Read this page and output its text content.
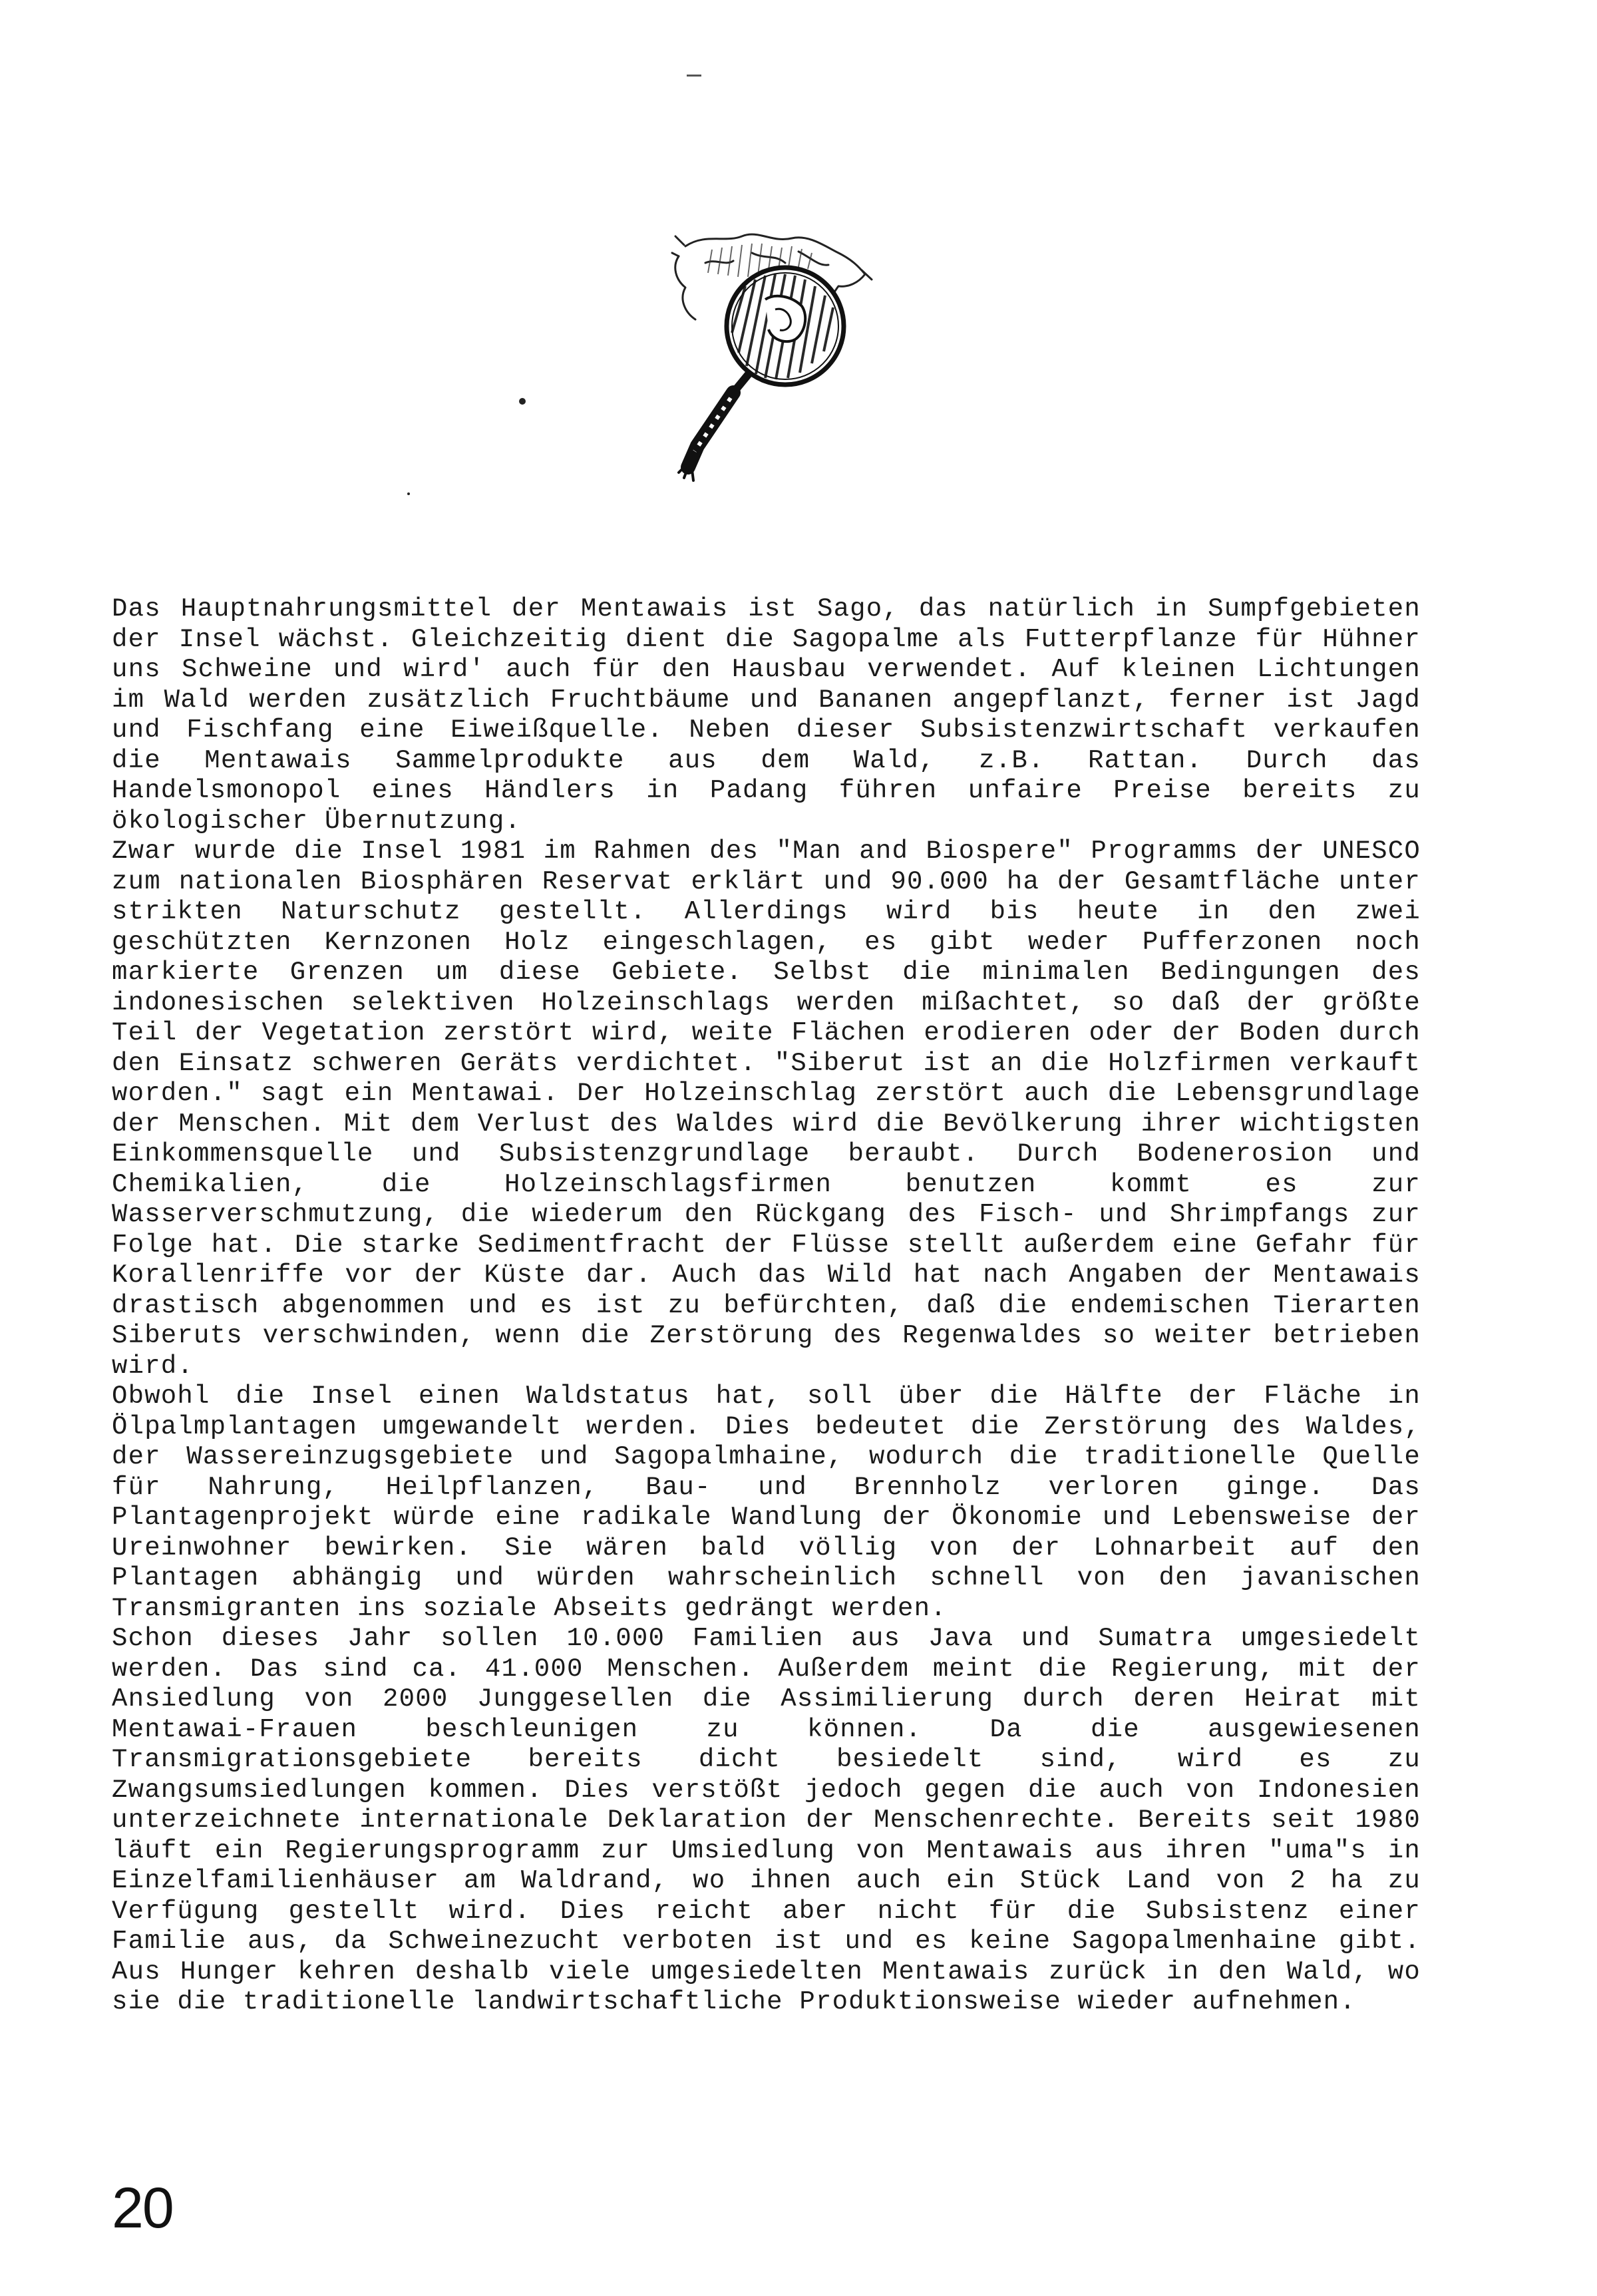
Das Hauptnahrungsmittel der Mentawais ist Sago, das natürlich in Sumpfgebieten der Insel wächst. Gleichzeitig dient die Sagopalme als Futterpflanze für Hühner uns Schweine und wird' auch für den Hausbau verwendet. Auf kleinen Lichtungen im Wald werden zusätzlich Fruchtbäume und Bananen angepflanzt, ferner ist Jagd und Fischfang eine Eiweißquelle. Neben dieser Subsistenzwirtschaft verkaufen die Mentawais Sammelprodukte aus dem Wald, z.B. Rattan. Durch das Handelsmonopol eines Händlers in Padang führen unfaire Preise bereits zu ökologischer Übernutzung.

Zwar wurde die Insel 1981 im Rahmen des "Man and Biospere" Programms der UNESCO zum nationalen Biosphären Reservat erklärt und 90.000 ha der Gesamtfläche unter strikten Naturschutz gestellt. Allerdings wird bis heute in den zwei geschützten Kernzonen Holz eingeschlagen, es gibt weder Pufferzonen noch markierte Grenzen um diese Gebiete. Selbst die minimalen Bedingungen des indonesischen selektiven Holzeinschlags werden mißachtet, so daß der größte Teil der Vegetation zerstört wird, weite Flächen erodieren oder der Boden durch den Einsatz schweren Geräts verdichtet. "Siberut ist an die Holzfirmen verkauft worden." sagt ein Mentawai. Der Holzeinschlag zerstört auch die Lebensgrundlage der Menschen. Mit dem Verlust des Waldes wird die Bevölkerung ihrer wichtigsten Einkommensquelle und Subsistenzgrundlage beraubt. Durch Bodenerosion und Chemikalien, die Holzeinschlagsfirmen benutzen kommt es zur Wasserverschmutzung, die wiederum den Rückgang des Fisch- und Shrimpfangs zur Folge hat. Die starke Sedimentfracht der Flüsse stellt außerdem eine Gefahr für Korallenriffe vor der Küste dar. Auch das Wild hat nach Angaben der Mentawais drastisch abgenommen und es ist zu befürchten, daß die endemischen Tierarten Siberuts verschwinden, wenn die Zerstörung des Regenwaldes so weiter betrieben wird.

Obwohl die Insel einen Waldstatus hat, soll über die Hälfte der Fläche in Ölpalmplantagen umgewandelt werden. Dies bedeutet die Zerstörung des Waldes, der Wassereinzugsgebiete und Sagopalmhaine, wodurch die traditionelle Quelle für Nahrung, Heilpflanzen, Bau- und Brennholz verloren ginge. Das Plantagenprojekt würde eine radikale Wandlung der Ökonomie und Lebensweise der Ureinwohner bewirken. Sie wären bald völlig von der Lohnarbeit auf den Plantagen abhängig und würden wahrscheinlich schnell von den javanischen Transmigranten ins soziale Abseits gedrängt werden.

Schon dieses Jahr sollen 10.000 Familien aus Java und Sumatra umgesiedelt werden. Das sind ca. 41.000 Menschen. Außerdem meint die Regierung, mit der Ansiedlung von 2000 Junggesellen die Assimilierung durch deren Heirat mit Mentawai-Frauen beschleunigen zu können. Da die ausgewiesenen Transmigrationsgebiete bereits dicht besiedelt sind, wird es zu Zwangsumsiedlungen kommen. Dies verstößt jedoch gegen die auch von Indonesien unterzeichnete internationale Deklaration der Menschenrechte. Bereits seit 1980 läuft ein Regierungsprogramm zur Umsiedlung von Mentawais aus ihren "uma"s in Einzelfamilienhäuser am Waldrand, wo ihnen auch ein Stück Land von 2 ha zu Verfügung gestellt wird. Dies reicht aber nicht für die Subsistenz einer Familie aus, da Schweinezucht verboten ist und es keine Sagopalmenhaine gibt. Aus Hunger kehren deshalb viele umgesiedelten Mentawais zurück in den Wald, wo sie die traditionelle landwirtschaftliche Produktionsweise wieder aufnehmen.

20
